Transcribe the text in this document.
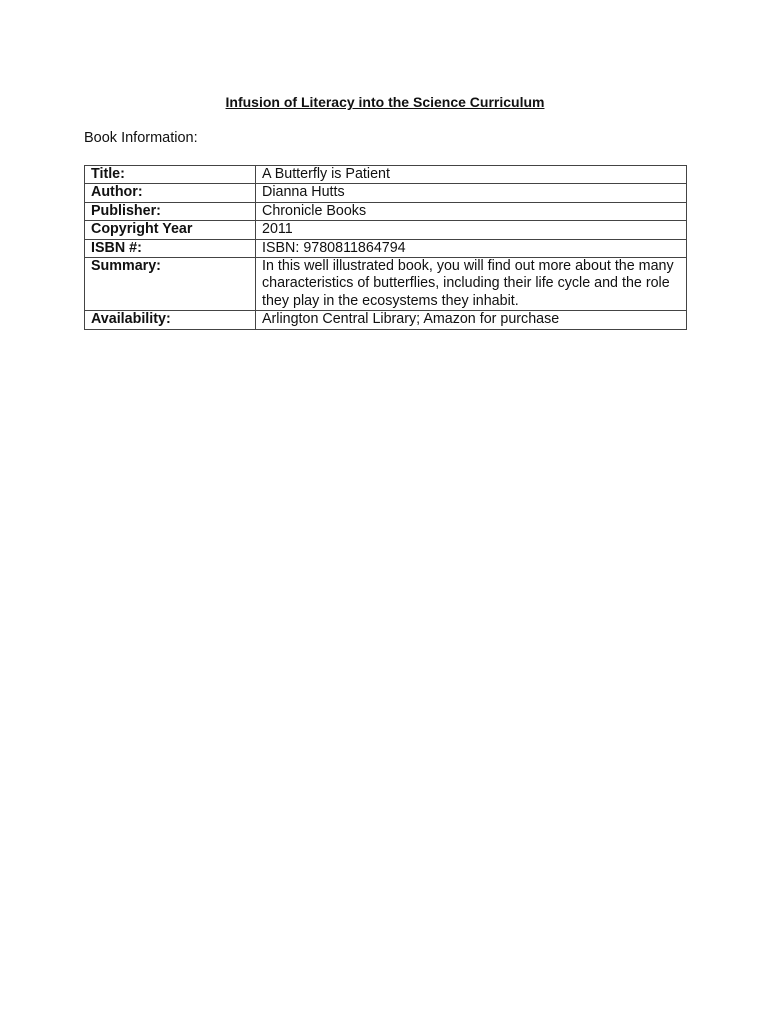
Infusion of Literacy into the Science Curriculum
Book Information:
Title:	A Butterfly is Patient
Author:	Dianna Hutts
Publisher:	Chronicle Books
Copyright Year	2011
ISBN #:	ISBN: 9780811864794
Summary:	In this well illustrated book, you will find out more about the many characteristics of butterflies, including their life cycle and the role they play in the ecosystems they inhabit.
Availability:	Arlington Central Library; Amazon for purchase
